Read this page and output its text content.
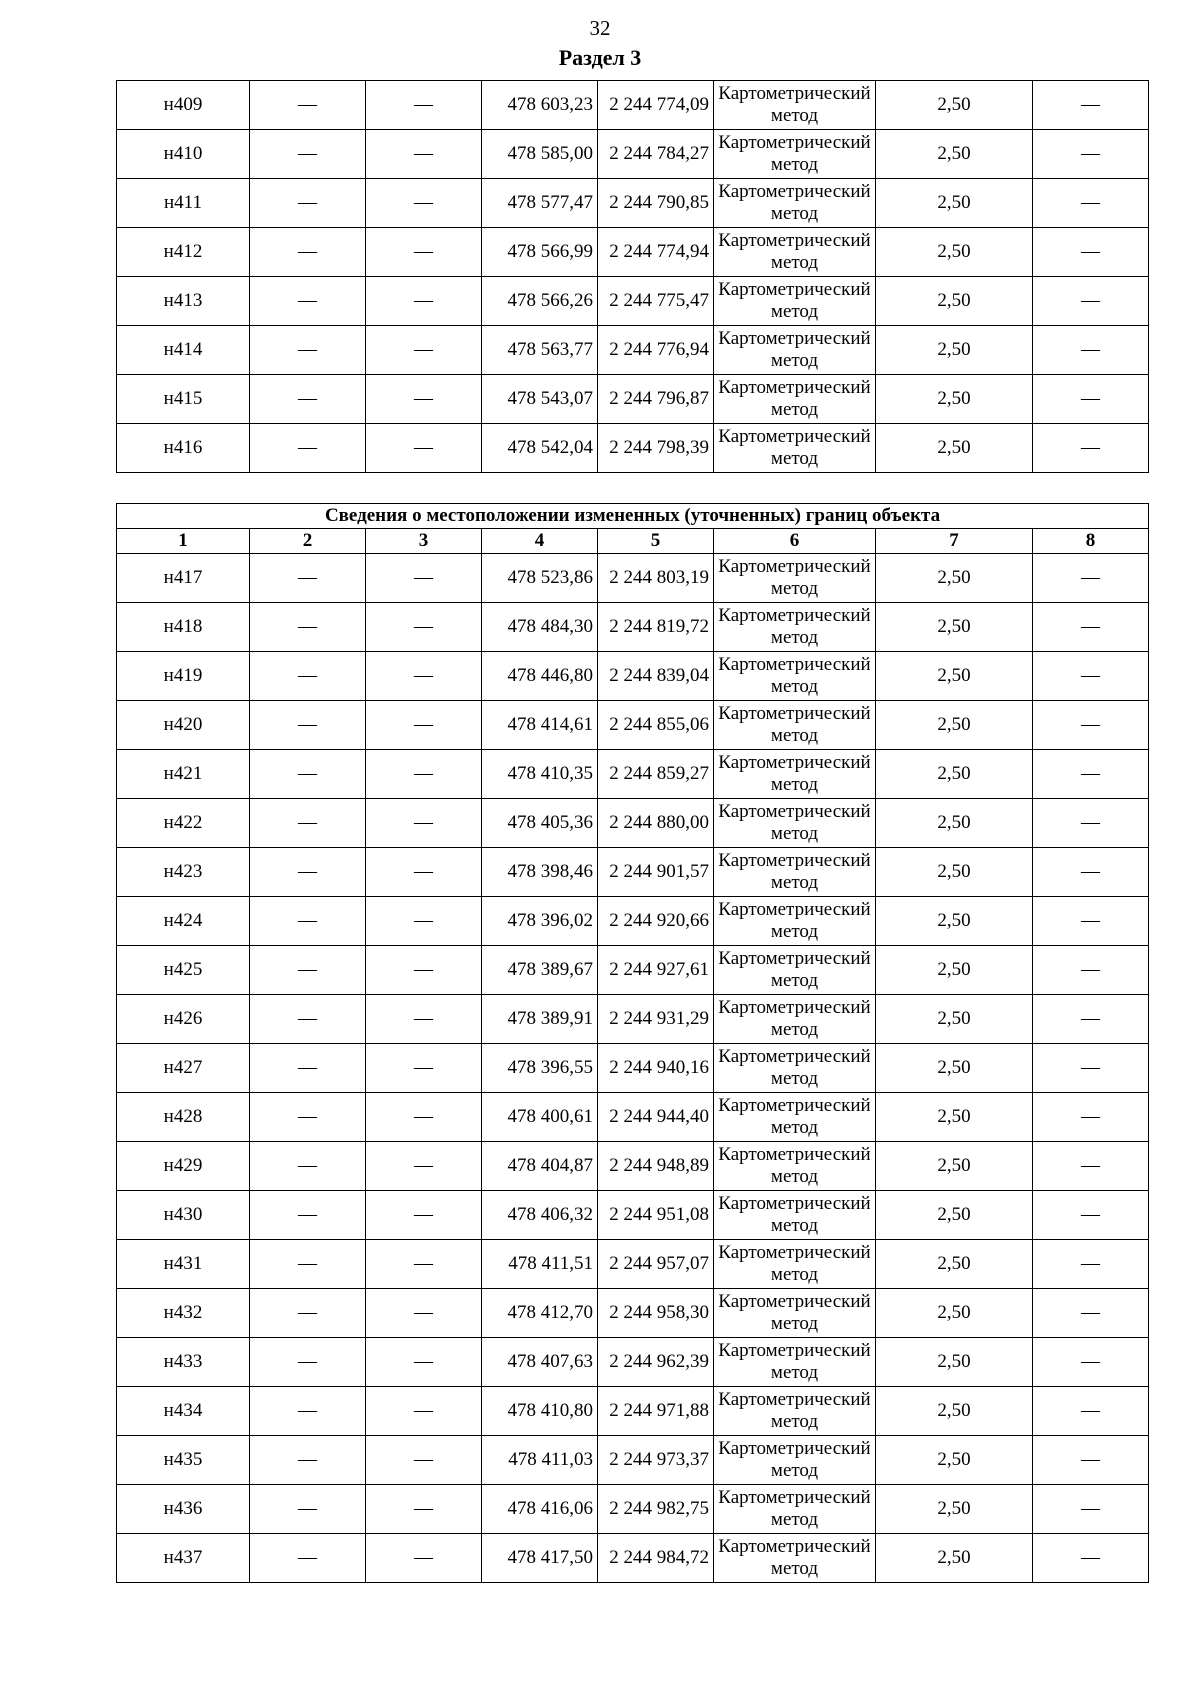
32
Раздел 3
н409	—	—	478 603,23	2 244 774,09	Картометрический метод	2,50	—
н410	—	—	478 585,00	2 244 784,27	Картометрический метод	2,50	—
н411	—	—	478 577,47	2 244 790,85	Картометрический метод	2,50	—
н412	—	—	478 566,99	2 244 774,94	Картометрический метод	2,50	—
н413	—	—	478 566,26	2 244 775,47	Картометрический метод	2,50	—
н414	—	—	478 563,77	2 244 776,94	Картометрический метод	2,50	—
н415	—	—	478 543,07	2 244 796,87	Картометрический метод	2,50	—
н416	—	—	478 542,04	2 244 798,39	Картометрический метод	2,50	—
Сведения о местоположении измененных (уточненных) границ объекта							
1	2	3	4	5	6	7	8
н417	—	—	478 523,86	2 244 803,19	Картометрический метод	2,50	—
н418	—	—	478 484,30	2 244 819,72	Картометрический метод	2,50	—
н419	—	—	478 446,80	2 244 839,04	Картометрический метод	2,50	—
н420	—	—	478 414,61	2 244 855,06	Картометрический метод	2,50	—
н421	—	—	478 410,35	2 244 859,27	Картометрический метод	2,50	—
н422	—	—	478 405,36	2 244 880,00	Картометрический метод	2,50	—
н423	—	—	478 398,46	2 244 901,57	Картометрический метод	2,50	—
н424	—	—	478 396,02	2 244 920,66	Картометрический метод	2,50	—
н425	—	—	478 389,67	2 244 927,61	Картометрический метод	2,50	—
н426	—	—	478 389,91	2 244 931,29	Картометрический метод	2,50	—
н427	—	—	478 396,55	2 244 940,16	Картометрический метод	2,50	—
н428	—	—	478 400,61	2 244 944,40	Картометрический метод	2,50	—
н429	—	—	478 404,87	2 244 948,89	Картометрический метод	2,50	—
н430	—	—	478 406,32	2 244 951,08	Картометрический метод	2,50	—
н431	—	—	478 411,51	2 244 957,07	Картометрический метод	2,50	—
н432	—	—	478 412,70	2 244 958,30	Картометрический метод	2,50	—
н433	—	—	478 407,63	2 244 962,39	Картометрический метод	2,50	—
н434	—	—	478 410,80	2 244 971,88	Картометрический метод	2,50	—
н435	—	—	478 411,03	2 244 973,37	Картометрический метод	2,50	—
н436	—	—	478 416,06	2 244 982,75	Картометрический метод	2,50	—
н437	—	—	478 417,50	2 244 984,72	Картометрический метод	2,50	—
